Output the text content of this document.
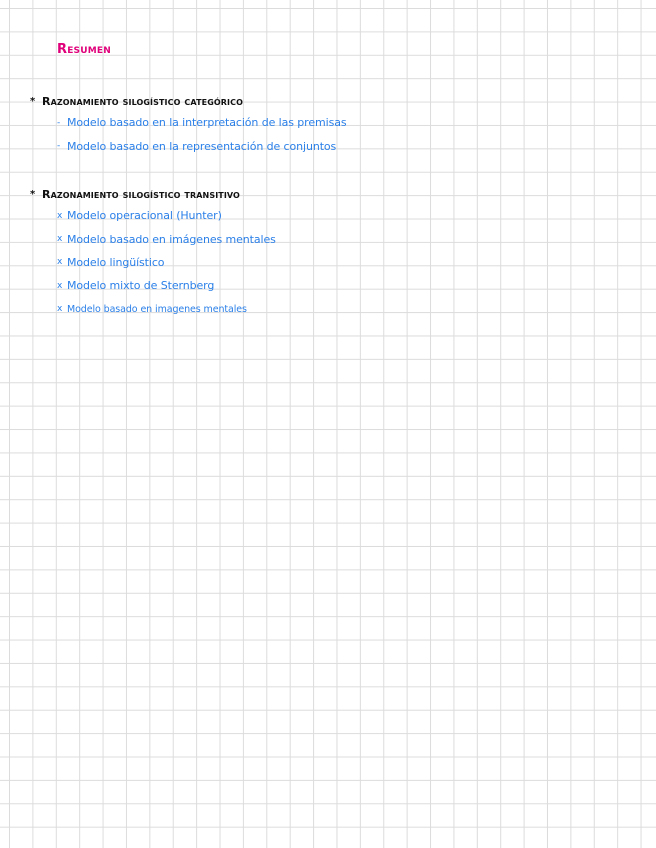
Resumen
* Razonamiento silogístico categórico
- Modelo basado en la interpretación de las premisas
- Modelo basado en la representación de conjuntos
* Razonamiento silogístico transitivo
x Modelo operacional (Hunter)
x Modelo basado en imágenes mentales
x Modelo lingüístico
x Modelo mixto de Sternberg
x Modelo basado en imagenes mentales
